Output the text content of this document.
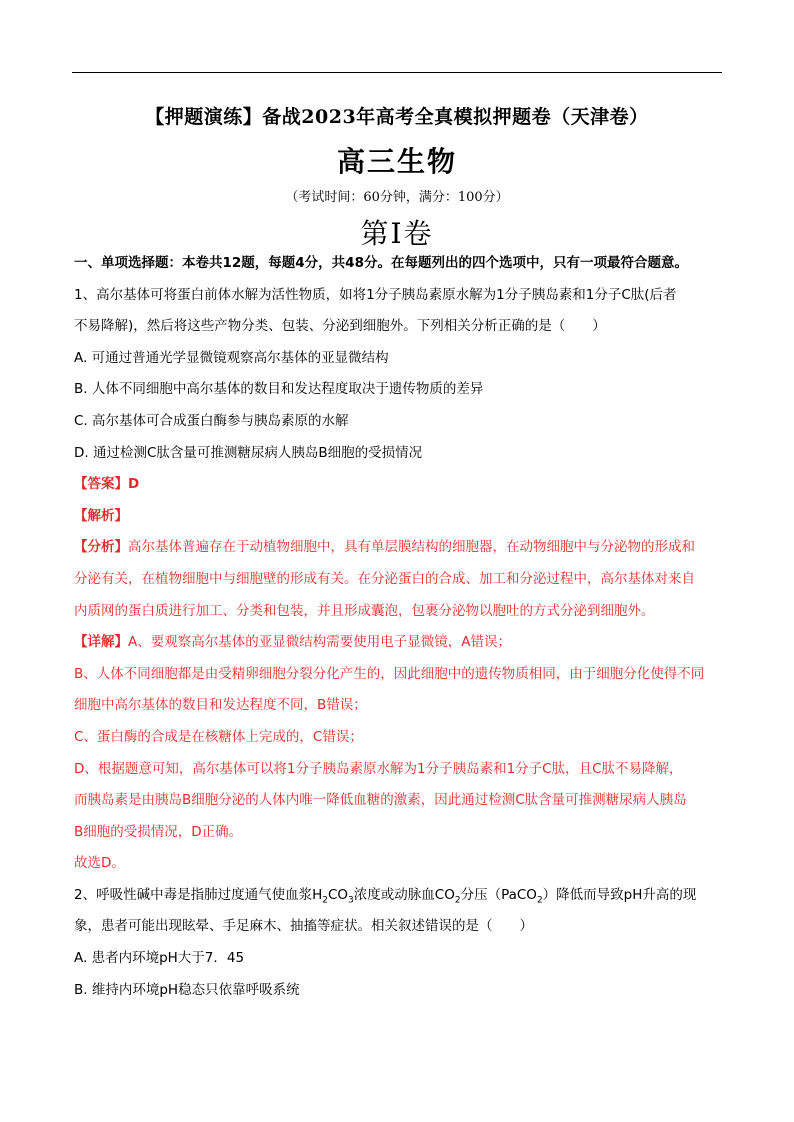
【押题演练】备战2023年高考全真模拟押题卷（天津卷）
高三生物
（考试时间：60分钟，满分：100分）
第I卷
一、单项选择题：本卷共12题，每题4分，共48分。在每题列出的四个选项中，只有一项最符合题意。
1、高尔基体可将蛋白前体水解为活性物质，如将1分子胰岛素原水解为1分子胰岛素和1分子C肽(后者
不易降解)，然后将这些产物分类、包装、分泌到细胞外。下列相关分析正确的是（　　）
A. 可通过普通光学显微镜观察高尔基体的亚显微结构
B. 人体不同细胞中高尔基体的数目和发达程度取决于遗传物质的差异
C. 高尔基体可合成蛋白酶参与胰岛素原的水解
D. 通过检测C肽含量可推测糖尿病人胰岛B细胞的受损情况
【答案】D
【解析】
【分析】高尔基体普遍存在于动植物细胞中，具有单层膜结构的细胞器，在动物细胞中与分泌物的形成和
分泌有关，在植物细胞中与细胞壁的形成有关。在分泌蛋白的合成、加工和分泌过程中，高尔基体对来自
内质网的蛋白质进行加工、分类和包装，并且形成囊泡，包裹分泌物以胞吐的方式分泌到细胞外。
【详解】A、要观察高尔基体的亚显微结构需要使用电子显微镜，A错误；
B、人体不同细胞都是由受精卵细胞分裂分化产生的，因此细胞中的遗传物质相同，由于细胞分化使得不同
细胞中高尔基体的数目和发达程度不同，B错误；
C、蛋白酶的合成是在核糖体上完成的，C错误；
D、根据题意可知，高尔基体可以将1分子胰岛素原水解为1分子胰岛素和1分子C肽，且C肽不易降解，
而胰岛素是由胰岛B细胞分泌的人体内唯一降低血糖的激素，因此通过检测C肽含量可推测糖尿病人胰岛
B细胞的受损情况，D正确。
故选D。
2、呼吸性碱中毒是指肺过度通气使血浆$H_2CO_3$浓度或动脉血$CO_2$分压（PaCO$_2$）降低而导致pH升高的现
象，患者可能出现眩晕、手足麻木、抽搐等症状。相关叙述错误的是（　　）
A. 患者内环境pH大于7．45
B. 维持内环境pH稳态只依靠呼吸系统
